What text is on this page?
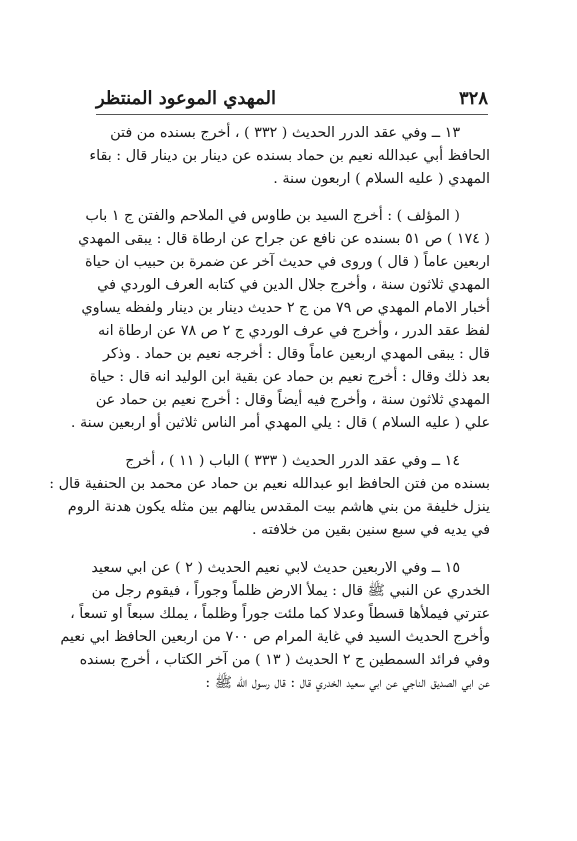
٣٢٨
المهدي الموعود المنتظر

١٣ ــ وفي عقد الدرر الحديث ( ٣٣٢ ) ، أخرج بسنده من فتن
الحافظ أبي عبدالله نعيم بن حماد بسنده عن دينار بن دينار قال : بقاء
المهدي ( عليه السلام ) اربعون سنة .

( المؤلف ) : أخرج السيد بن طاوس في الملاحم والفتن ج ١ باب
( ١٧٤ ) ص ٥١ بسنده عن نافع عن جراح عن ارطاة قال : يبقى المهدي
اربعين عاماً ( قال ) وروى في حديث آخر عن ضمرة بن حبيب ان حياة
المهدي ثلاثون سنة ، وأخرج جلال الدين في كتابه العرف الوردي في
أخبار الامام المهدي ص ٧٩ من ج ٢ حديث دينار بن دينار ولفظه يساوي
لفظ عقد الدرر ، وأخرج في عرف الوردي ج ٢ ص ٧٨ عن ارطاة انه
قال : يبقى المهدي اربعين عاماً وقال : أخرجه نعيم بن حماد . وذكر
بعد ذلك وقال : أخرج نعيم بن حماد عن بقية ابن الوليد انه قال : حياة
المهدي ثلاثون سنة ، وأخرج فيه أيضاً وقال : أخرج نعيم بن حماد عن
علي ( عليه السلام ) قال : يلي المهدي أمر الناس ثلاثين أو اربعين سنة .

١٤ ــ وفي عقد الدرر الحديث ( ٣٣٣ ) الباب ( ١١ ) ، أخرج
بسنده من فتن الحافظ ابو عبدالله نعيم بن حماد عن محمد بن الحنفية قال :
ينزل خليفة من بني هاشم بيت المقدس ينالهم بين مثله يكون هدنة الروم
في يديه في سبع سنين بقين من خلافته .

١٥ ــ وفي الاربعين حديث لابي نعيم الحديث ( ٢ ) عن ابي سعيد
الخدري عن النبي ﷺ قال : يملأ الارض ظلماً وجوراً ، فيقوم رجل من
عترتي فيملأها قسطاً وعدلا كما ملئت جوراً وظلماً ، يملك سبعاً او تسعاً ،
وأخرج الحديث السيد في غاية المرام ص ٧٠٠ من اربعين الحافظ ابي نعيم
وفي فرائد السمطين ج ٢ الحديث ( ١٣ ) من آخر الكتاب ، أخرج بسنده
عن ابي الصديق الناجي عن ابي سعيد الخدري قال : قال رسول الله ﷺ :
